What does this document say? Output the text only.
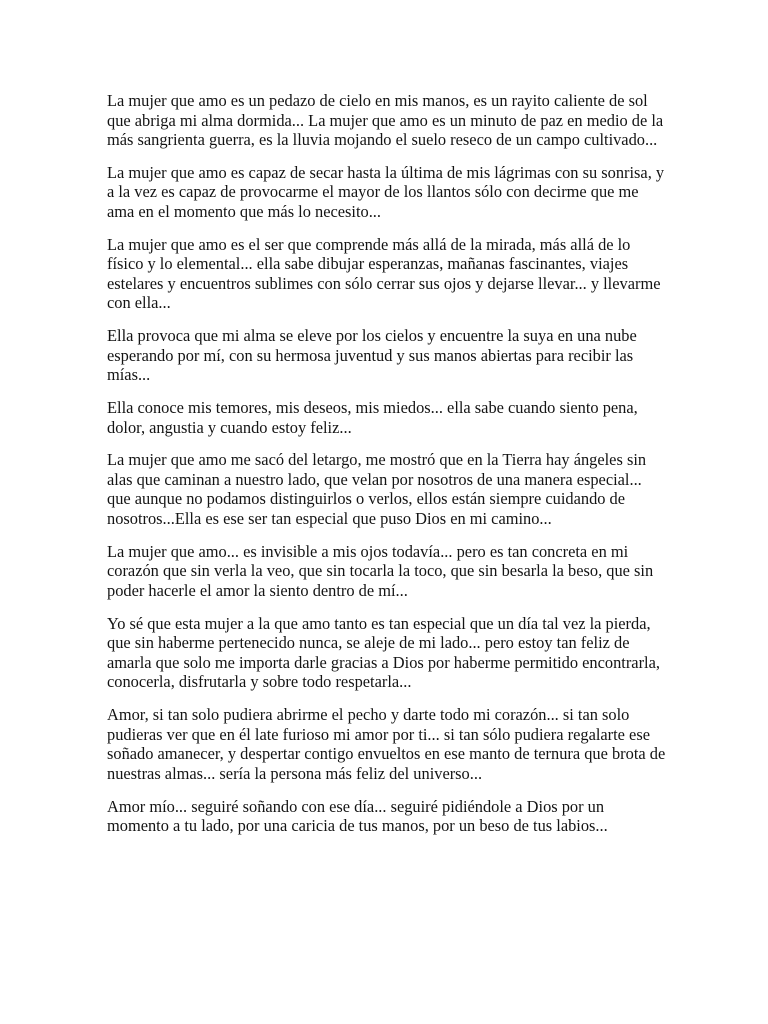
La mujer que amo es un pedazo de cielo en mis manos, es un rayito caliente de sol que abriga mi alma dormida... La mujer que amo es un minuto de paz en medio de la más sangrienta guerra, es la lluvia mojando el suelo reseco de un campo cultivado...

La mujer que amo es capaz de secar hasta la última de mis lágrimas con su sonrisa, y a la vez es capaz de provocarme el mayor de los llantos sólo con decirme que me ama en el momento que más lo necesito...

La mujer que amo es el ser que comprende más allá de la mirada, más allá de lo físico y lo elemental... ella sabe dibujar esperanzas, mañanas fascinantes, viajes estelares y encuentros sublimes con sólo cerrar sus ojos y dejarse llevar... y llevarme con ella...

Ella provoca que mi alma se eleve por los cielos y encuentre la suya en una nube esperando por mí, con su hermosa juventud y sus manos abiertas para recibir las mías...

Ella conoce mis temores, mis deseos, mis miedos... ella sabe cuando siento pena, dolor, angustia y cuando estoy feliz...

La mujer que amo me sacó del letargo, me mostró que en la Tierra hay ángeles sin alas que caminan a nuestro lado, que velan por nosotros de una manera especial... que aunque no podamos distinguirlos o verlos, ellos están siempre cuidando de nosotros...Ella es ese ser tan especial que puso Dios en mi camino...

La mujer que amo... es invisible a mis ojos todavía... pero es tan concreta en mi corazón que sin verla la veo, que sin tocarla la toco, que sin besarla la beso, que sin poder hacerle el amor la siento dentro de mí...

Yo sé que esta mujer a la que amo tanto es tan especial que un día tal vez la pierda, que sin haberme pertenecido nunca, se aleje de mi lado... pero estoy tan feliz de amarla que solo me importa darle gracias a Dios por haberme permitido encontrarla, conocerla, disfrutarla y sobre todo respetarla...

Amor, si tan solo pudiera abrirme el pecho y darte todo mi corazón... si tan solo pudieras ver que en él late furioso mi amor por ti... si tan sólo pudiera regalarte ese soñado amanecer, y despertar contigo envueltos en ese manto de ternura que brota de nuestras almas... sería la persona más feliz del universo...

Amor mío... seguiré soñando con ese día... seguiré pidiéndole a Dios por un momento a tu lado, por una caricia de tus manos, por un beso de tus labios...
